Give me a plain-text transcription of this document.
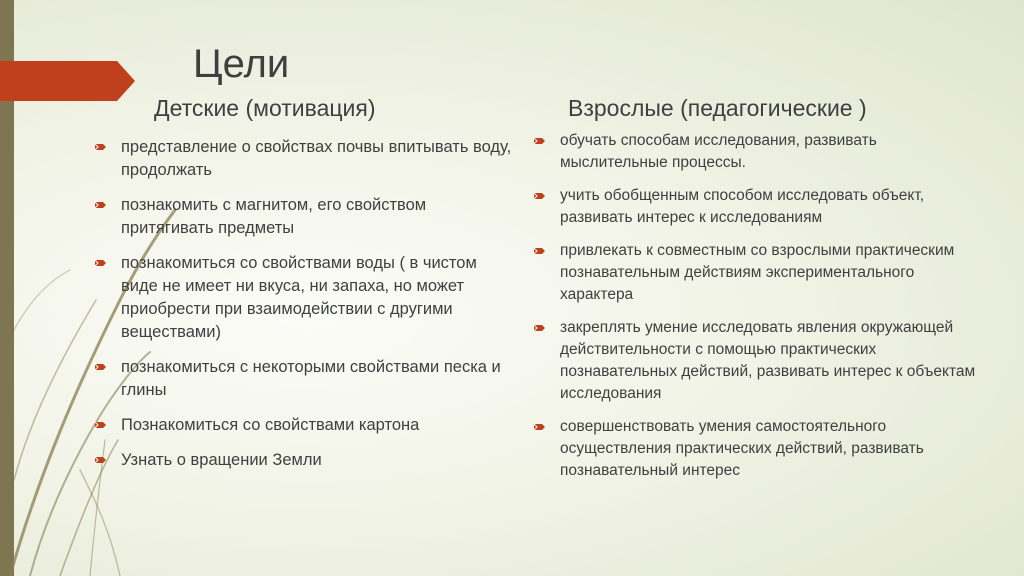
Цели
Детские (мотивация)	Взрослые (педагогические )
представление о свойствах почвы впитывать воду, продолжать
познакомить с магнитом, его свойством притягивать предметы
познакомиться со свойствами воды ( в чистом виде не имеет ни вкуса, ни запаха, но может приобрести при взаимодействии с другими веществами)
познакомиться с некоторыми свойствами песка и глины
Познакомиться со свойствами картона
Узнать о вращении Земли
обучать способам исследования, развивать мыслительные процессы.
учить обобщенным способом исследовать объект, развивать интерес к исследованиям
привлекать к совместным со взрослыми практическим познавательным действиям экспериментального характера
закреплять умение исследовать явления окружающей действительности с помощью практических познавательных действий, развивать интерес к объектам исследования
совершенствовать умения самостоятельного осуществления практических действий, развивать познавательный интерес
